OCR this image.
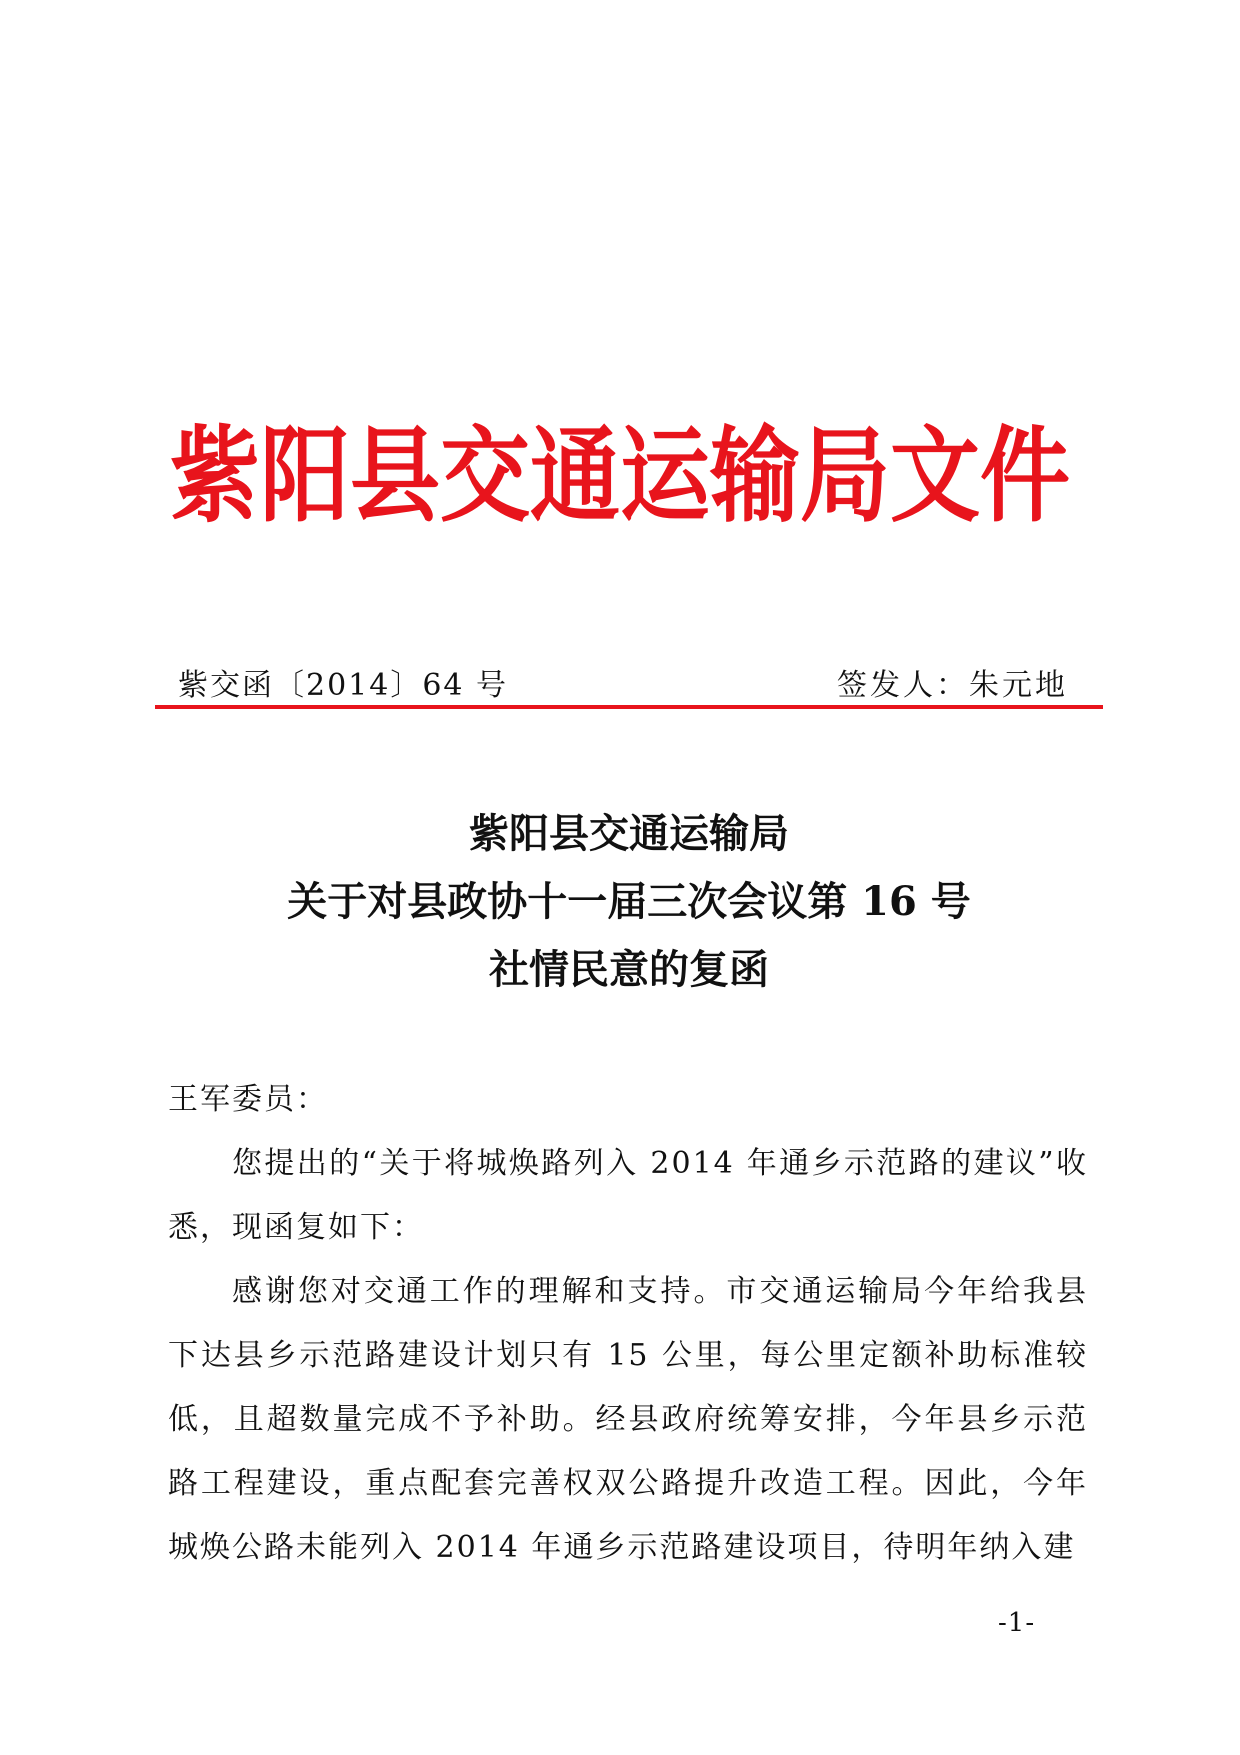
紫 阳 县 交 通 运 输 局 文 件
紫交函〔2014〕64 号	签发人：朱元地
紫阳县交通运输局
关于对县政协十一届三次会议第 16 号
社情民意的复函

王军委员：

您提出的“关于将城焕路列入 2014 年通乡示范路的建议”收悉，现函复如下：

感谢您对交通工作的理解和支持。市交通运输局今年给我县下达县乡示范路建设计划只有 15 公里，每公里定额补助标准较低，且超数量完成不予补助。经县政府统筹安排，今年县乡示范路工程建设，重点配套完善权双公路提升改造工程。因此，今年城焕公路未能列入 2014 年通乡示范路建设项目，待明年纳入建

-1-
